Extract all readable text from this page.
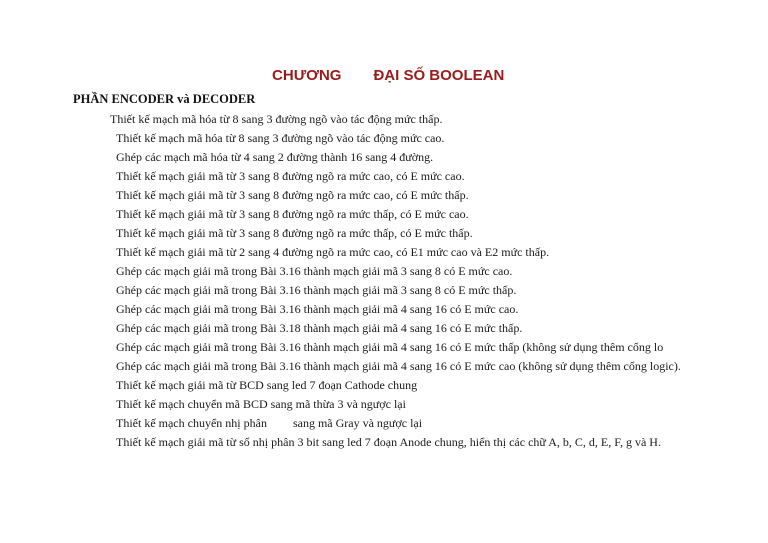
CHƯƠNG ĐẠI SỐ BOOLEAN

PHẦN ENCODER và DECODER
Thiết kế mạch mã hóa từ 8 sang 3 đường ngõ vào tác động mức thấp.
Thiết kế mạch mã hóa từ 8 sang 3 đường ngõ vào tác động mức cao.
Ghép các mạch mã hóa từ 4 sang 2 đường thành 16 sang 4 đường.
Thiết kế mạch giải mã từ 3 sang 8 đường ngõ ra mức cao, có E mức cao.
Thiết kế mạch giải mã từ 3 sang 8 đường ngõ ra mức cao, có E mức thấp.
Thiết kế mạch giải mã từ 3 sang 8 đường ngõ ra mức thấp, có E mức cao.
Thiết kế mạch giải mã từ 3 sang 8 đường ngõ ra mức thấp, có E mức thấp.
Thiết kế mạch giải mã từ 2 sang 4 đường ngõ ra mức cao, có E1 mức cao và E2 mức thấp.
Ghép các mạch giải mã trong Bài 3.16 thành mạch giải mã 3 sang 8 có E mức cao.
Ghép các mạch giải mã trong Bài 3.16 thành mạch giải mã 3 sang 8 có E mức thấp.
Ghép các mạch giải mã trong Bài 3.16 thành mạch giải mã 4 sang 16 có E mức cao.
Ghép các mạch giải mã trong Bài 3.18 thành mạch giải mã 4 sang 16 có E mức thấp.
Ghép các mạch giải mã trong Bài 3.16 thành mạch giải mã 4 sang 16 có E mức thấp (không sử dụng thêm cổng lo
Ghép các mạch giải mã trong Bài 3.16 thành mạch giải mã 4 sang 16 có E mức cao (không sử dụng thêm cổng logic).
Thiết kế mạch giải mã từ BCD sang led 7 đoạn Cathode chung
Thiết kế mạch chuyển mã BCD sang mã thừa 3 và ngược lại
Thiết kế mạch chuyển nhị phân sang mã Gray và ngược lại
Thiết kế mạch giải mã từ số nhị phân 3 bit sang led 7 đoạn Anode chung, hiển thị các chữ A, b, C, d, E, F, g và H.
